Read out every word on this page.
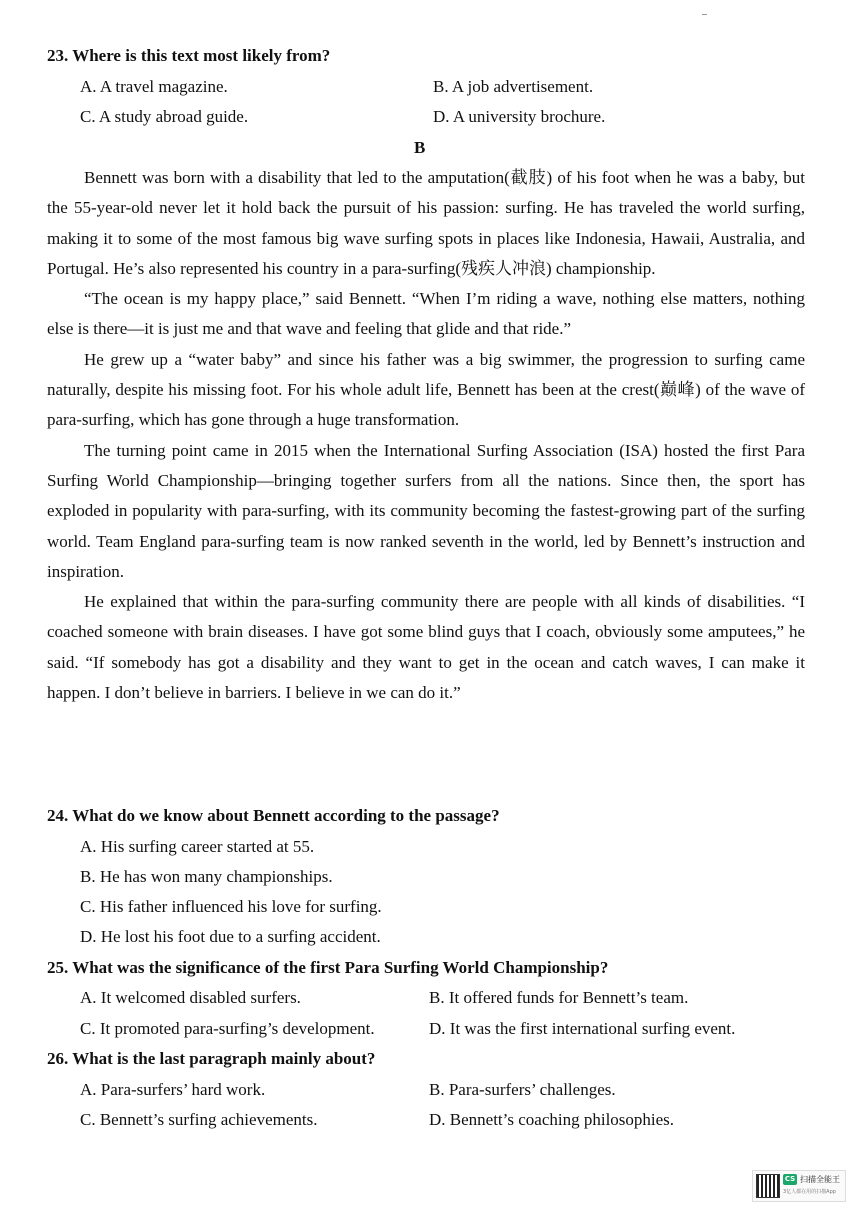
23. Where is this text most likely from?
A. A travel magazine.	B. A job advertisement.
C. A study abroad guide.	D. A university brochure.
B

Bennett was born with a disability that led to the amputation(截肢) of his foot when he was a baby, but the 55-year-old never let it hold back the pursuit of his passion: surfing. He has traveled the world surfing, making it to some of the most famous big wave surfing spots in places like Indonesia, Hawaii, Australia, and Portugal. He’s also represented his country in a para-surfing(残疾人冲浪) championship.

“The ocean is my happy place,” said Bennett. “When I’m riding a wave, nothing else matters, nothing else is there—it is just me and that wave and feeling that glide and that ride.”

He grew up a “water baby” and since his father was a big swimmer, the progression to surfing came naturally, despite his missing foot. For his whole adult life, Bennett has been at the crest(巅峰) of the wave of para-surfing, which has gone through a huge transformation.

The turning point came in 2015 when the International Surfing Association (ISA) hosted the first Para Surfing World Championship—bringing together surfers from all the nations. Since then, the sport has exploded in popularity with para-surfing, with its community becoming the fastest-growing part of the surfing world. Team England para-surfing team is now ranked seventh in the world, led by Bennett’s instruction and inspiration.

He explained that within the para-surfing community there are people with all kinds of disabilities. “I coached someone with brain diseases. I have got some blind guys that I coach, obviously some amputees,” he said. “If somebody has got a disability and they want to get in the ocean and catch waves, I can make it happen. I don’t believe in barriers. I believe in we can do it.”

24. What do we know about Bennett according to the passage?
A. His surfing career started at 55.
B. He has won many championships.
C. His father influenced his love for surfing.
D. He lost his foot due to a surfing accident.
25. What was the significance of the first Para Surfing World Championship?
A. It welcomed disabled surfers.	B. It offered funds for Bennett’s team.
C. It promoted para-surfing’s development.	D. It was the first international surfing event.
26. What is the last paragraph mainly about?
A. Para-surfers’ hard work.	B. Para-surfers’ challenges.
C. Bennett’s surfing achievements.	D. Bennett’s coaching philosophies.
CS 扫描全能王
3亿人都在用的扫描App
